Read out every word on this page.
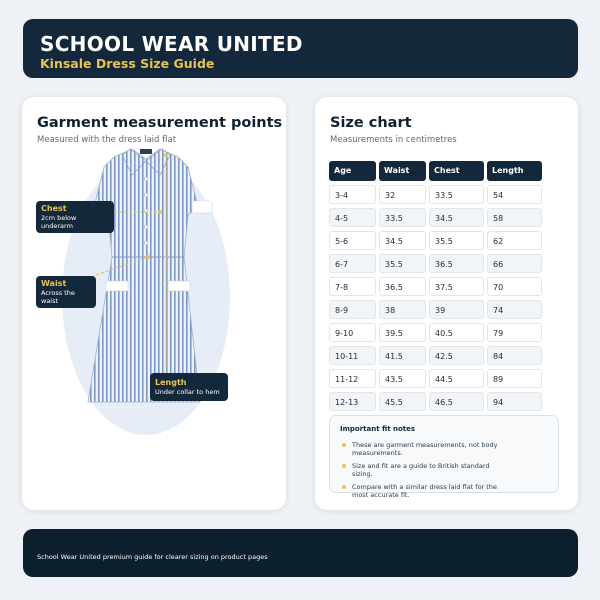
SCHOOL WEAR UNITED
Kinsale Dress Size Guide
Chest
2cm below underarm
Waist
Across the waist
Length
Under collar to hem
Garment measurement points
Measured with the dress laid flat
Size chart
Measurements in centimetres
Age	Waist	Chest	Length
3-4	32	33.5	54
4-5	33.5	34.5	58
5-6	34.5	35.5	62
6-7	35.5	36.5	66
7-8	36.5	37.5	70
8-9	38	39	74
9-10	39.5	40.5	79
10-11	41.5	42.5	84
11-12	43.5	44.5	89
12-13	45.5	46.5	94
Important fit notes
These are garment measurements, not body measurements.
Size and fit are a guide to British standard sizing.
Compare with a similar dress laid flat for the most accurate fit.
School Wear United premium guide for clearer sizing on product pages
